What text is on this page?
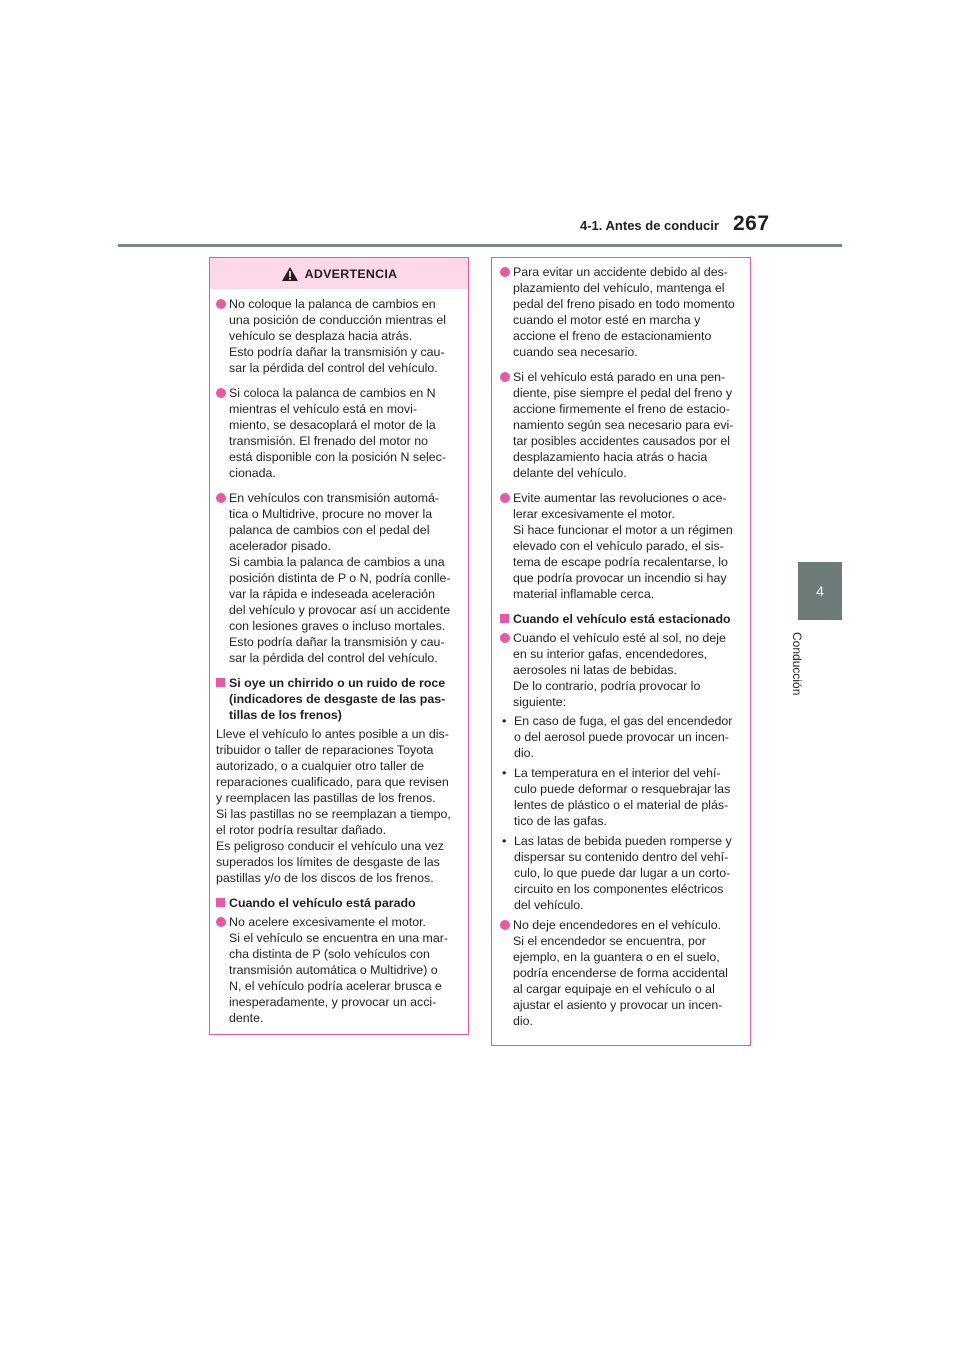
4-1. Antes de conducir 267
4
Conducción
ADVERTENCIA

No coloque la palanca de cambios en

una posición de conducción mientras el

vehículo se desplaza hacia atrás.

Esto podría dañar la transmisión y cau-

sar la pérdida del control del vehículo.

Si coloca la palanca de cambios en N

mientras el vehículo está en movi-

miento, se desacoplará el motor de la

transmisión. El frenado del motor no

está disponible con la posición N selec-

cionada.

En vehículos con transmisión automá-

tica o Multidrive, procure no mover la

palanca de cambios con el pedal del

acelerador pisado.

Si cambia la palanca de cambios a una

posición distinta de P o N, podría conlle-

var la rápida e indeseada aceleración

del vehículo y provocar así un accidente

con lesiones graves o incluso mortales.

Esto podría dañar la transmisión y cau-

sar la pérdida del control del vehículo.

Si oye un chirrido o un ruido de roce

(indicadores de desgaste de las pas-

tillas de los frenos)

Lleve el vehículo lo antes posible a un dis-

tribuidor o taller de reparaciones Toyota

autorizado, o a cualquier otro taller de

reparaciones cualificado, para que revisen

y reemplacen las pastillas de los frenos.

Si las pastillas no se reemplazan a tiempo,

el rotor podría resultar dañado.

Es peligroso conducir el vehículo una vez

superados los límites de desgaste de las

pastillas y/o de los discos de los frenos.

Cuando el vehículo está parado

No acelere excesivamente el motor.

Si el vehículo se encuentra en una mar-

cha distinta de P (solo vehículos con

transmisión automática o Multidrive) o

N, el vehículo podría acelerar brusca e

inesperadamente, y provocar un acci-

dente.

Para evitar un accidente debido al des-

plazamiento del vehículo, mantenga el

pedal del freno pisado en todo momento

cuando el motor esté en marcha y

accione el freno de estacionamiento

cuando sea necesario.

Si el vehículo está parado en una pen-

diente, pise siempre el pedal del freno y

accione firmemente el freno de estacio-

namiento según sea necesario para evi-

tar posibles accidentes causados por el

desplazamiento hacia atrás o hacia

delante del vehículo.

Evite aumentar las revoluciones o ace-

lerar excesivamente el motor.

Si hace funcionar el motor a un régimen

elevado con el vehículo parado, el sis-

tema de escape podría recalentarse, lo

que podría provocar un incendio si hay

material inflamable cerca.

Cuando el vehículo está estacionado

Cuando el vehículo esté al sol, no deje

en su interior gafas, encendedores,

aerosoles ni latas de bebidas.

De lo contrario, podría provocar lo

siguiente:

• En caso de fuga, el gas del encendedor

o del aerosol puede provocar un incen-

dio.

• La temperatura en el interior del vehí-

culo puede deformar o resquebrajar las

lentes de plástico o el material de plás-

tico de las gafas.

• Las latas de bebida pueden romperse y

dispersar su contenido dentro del vehí-

culo, lo que puede dar lugar a un corto-

circuito en los componentes eléctricos

del vehículo.

No deje encendedores en el vehículo.

Si el encendedor se encuentra, por

ejemplo, en la guantera o en el suelo,

podría encenderse de forma accidental

al cargar equipaje en el vehículo o al

ajustar el asiento y provocar un incen-

dio.
